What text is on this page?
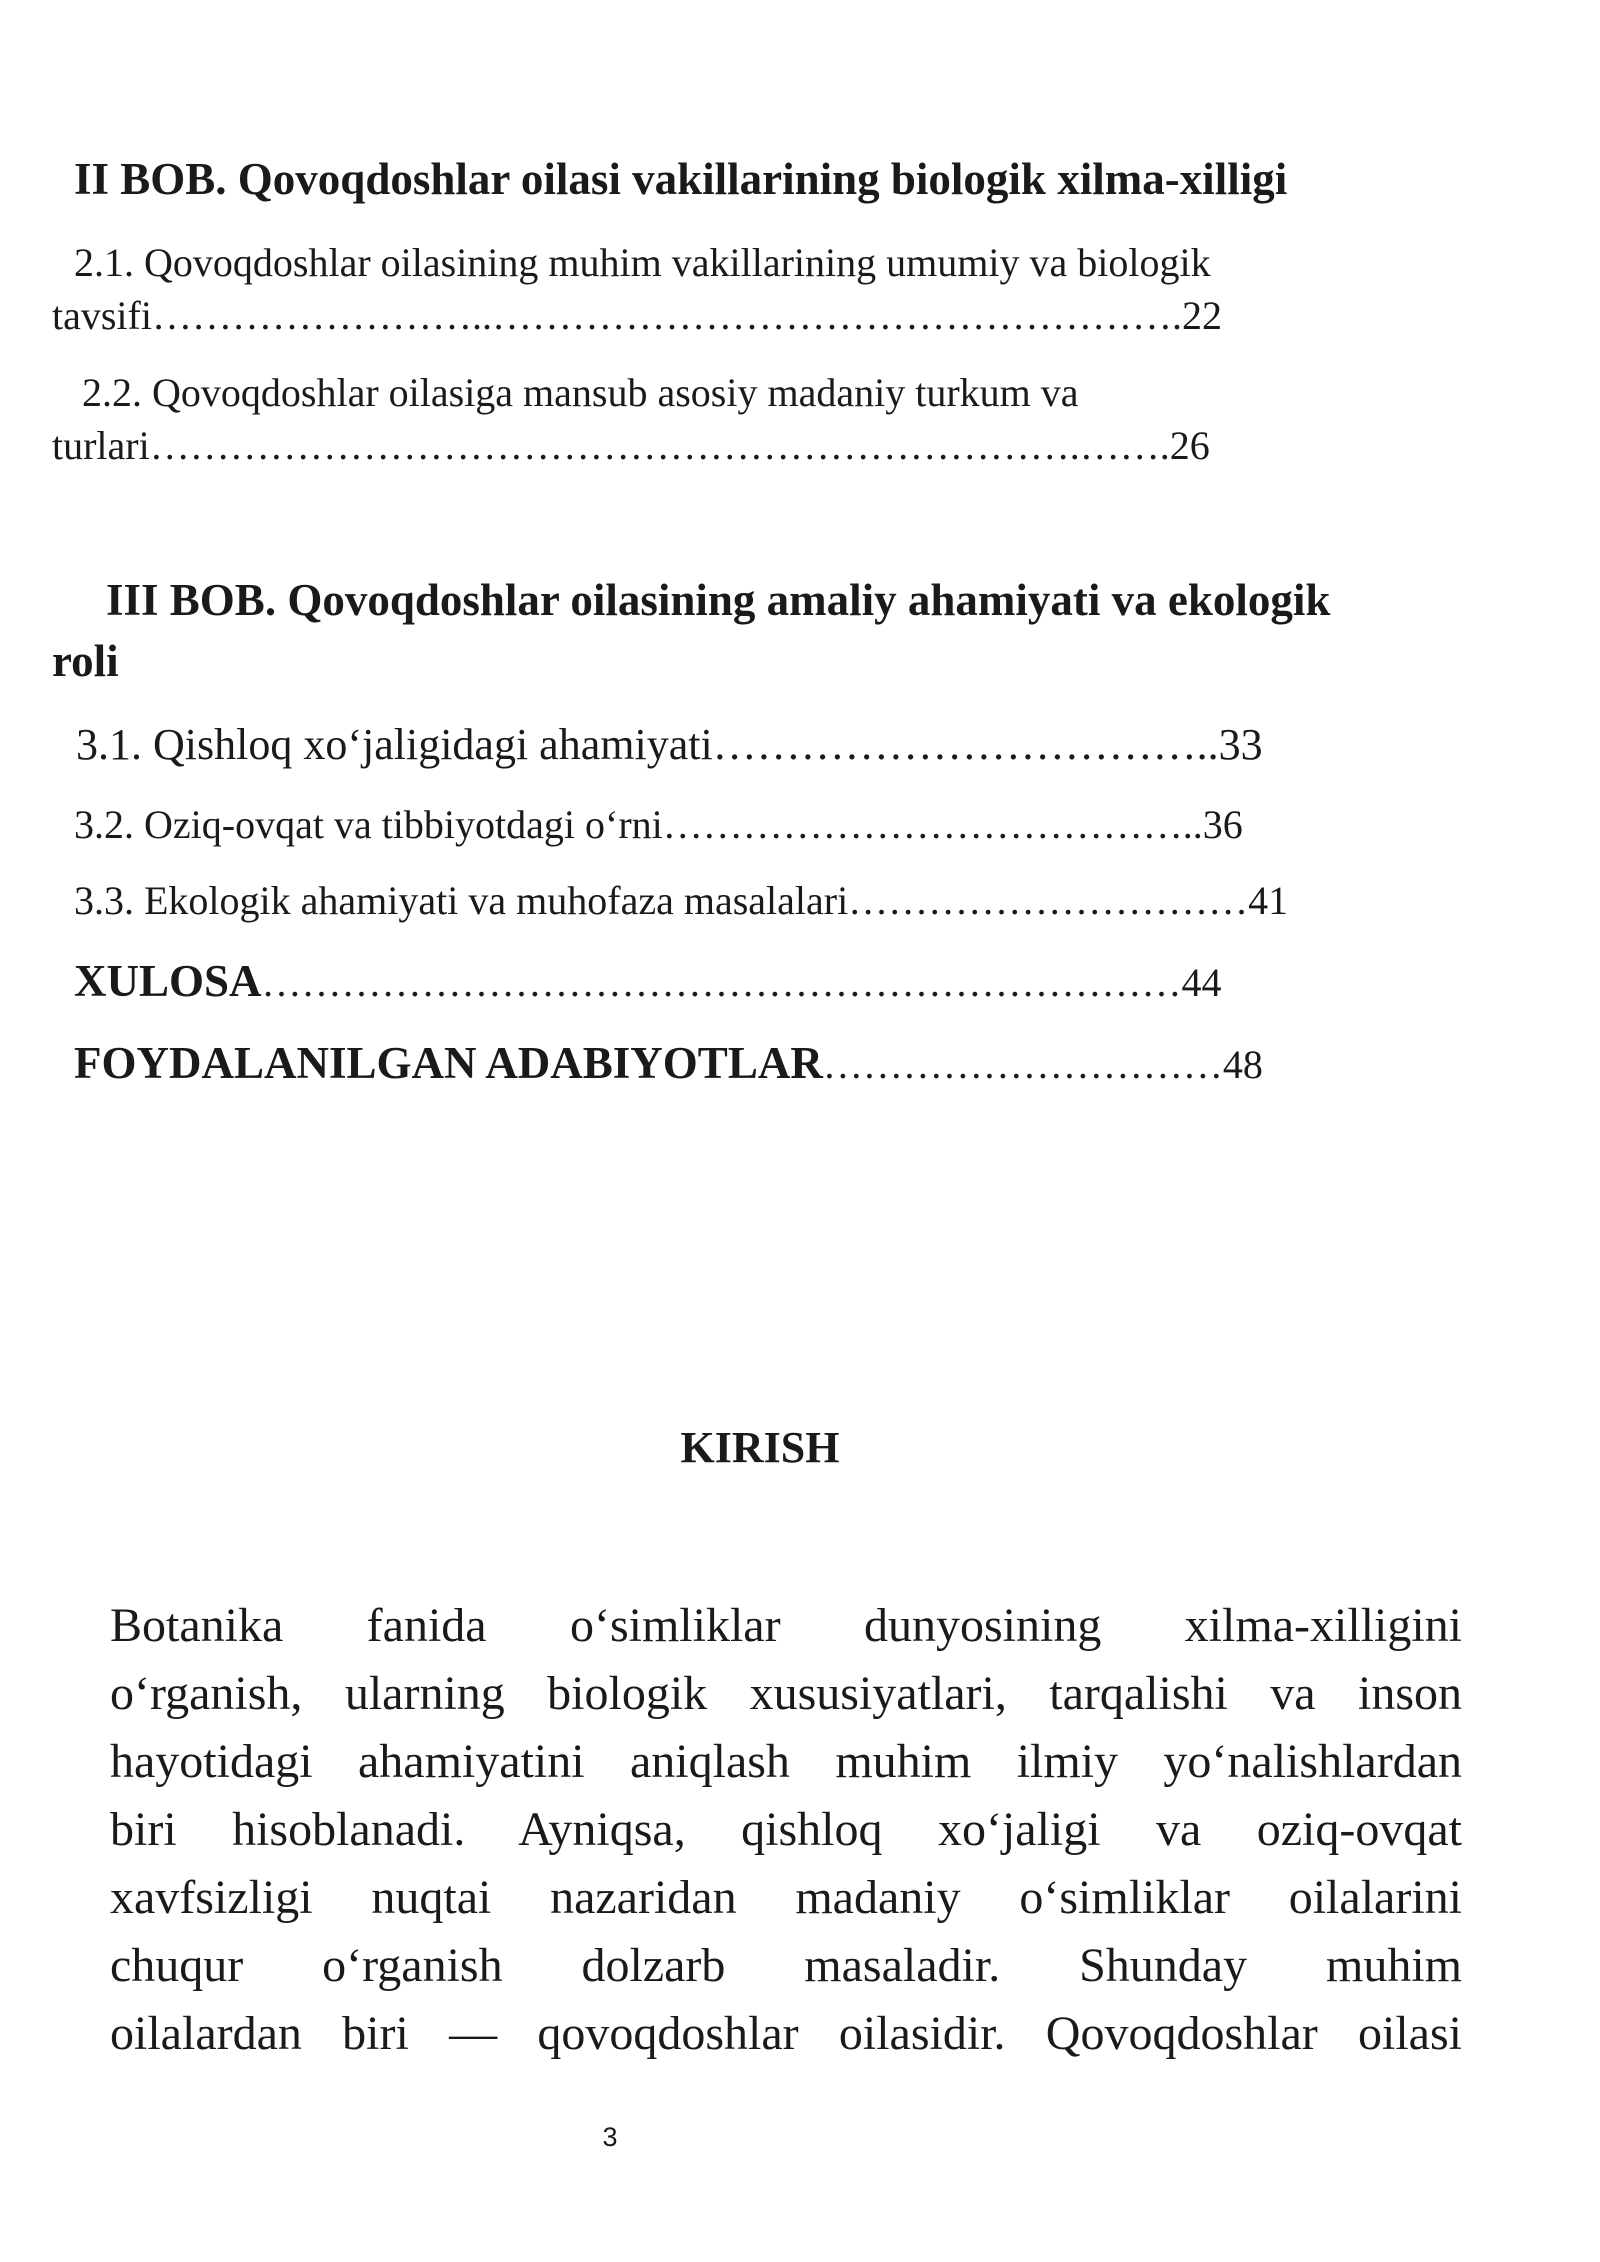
II BOB. Qovoqdoshlar oilasi vakillarining biologik xilma-xilligi
2.1. Qovoqdoshlar oilasining muhim vakillarining umumiy va biologik
tavsifi……………………..…………………………………………….22
2.2. Qovoqdoshlar oilasiga mansub asosiy madaniy turkum va
turlari…………………………………………………………….…….26
III BOB. Qovoqdoshlar oilasining amaliy ahamiyati va ekologik
roli
3.1. Qishloq xo‘jaligidagi ahamiyati……………………………..33
3.2. Oziq-ovqat va tibbiyotdagi o‘rni…………………………………..36
3.3. Ekologik ahamiyati va muhofaza masalalari…………………………41
XULOSA……………………………………………………………44
FOYDALANILGAN ADABIYOTLAR…………………………48
KIRISH
Botanika fanida o‘simliklar dunyosining xilma-xilligini
o‘rganish, ularning biologik xususiyatlari, tarqalishi va inson
hayotidagi ahamiyatini aniqlash muhim ilmiy yo‘nalishlardan
biri hisoblanadi. Ayniqsa, qishloq xo‘jaligi va oziq-ovqat
xavfsizligi nuqtai nazaridan madaniy o‘simliklar oilalarini
chuqur o‘rganish dolzarb masaladir. Shunday muhim
oilalardan biri — qovoqdoshlar oilasidir. Qovoqdoshlar oilasi
3
